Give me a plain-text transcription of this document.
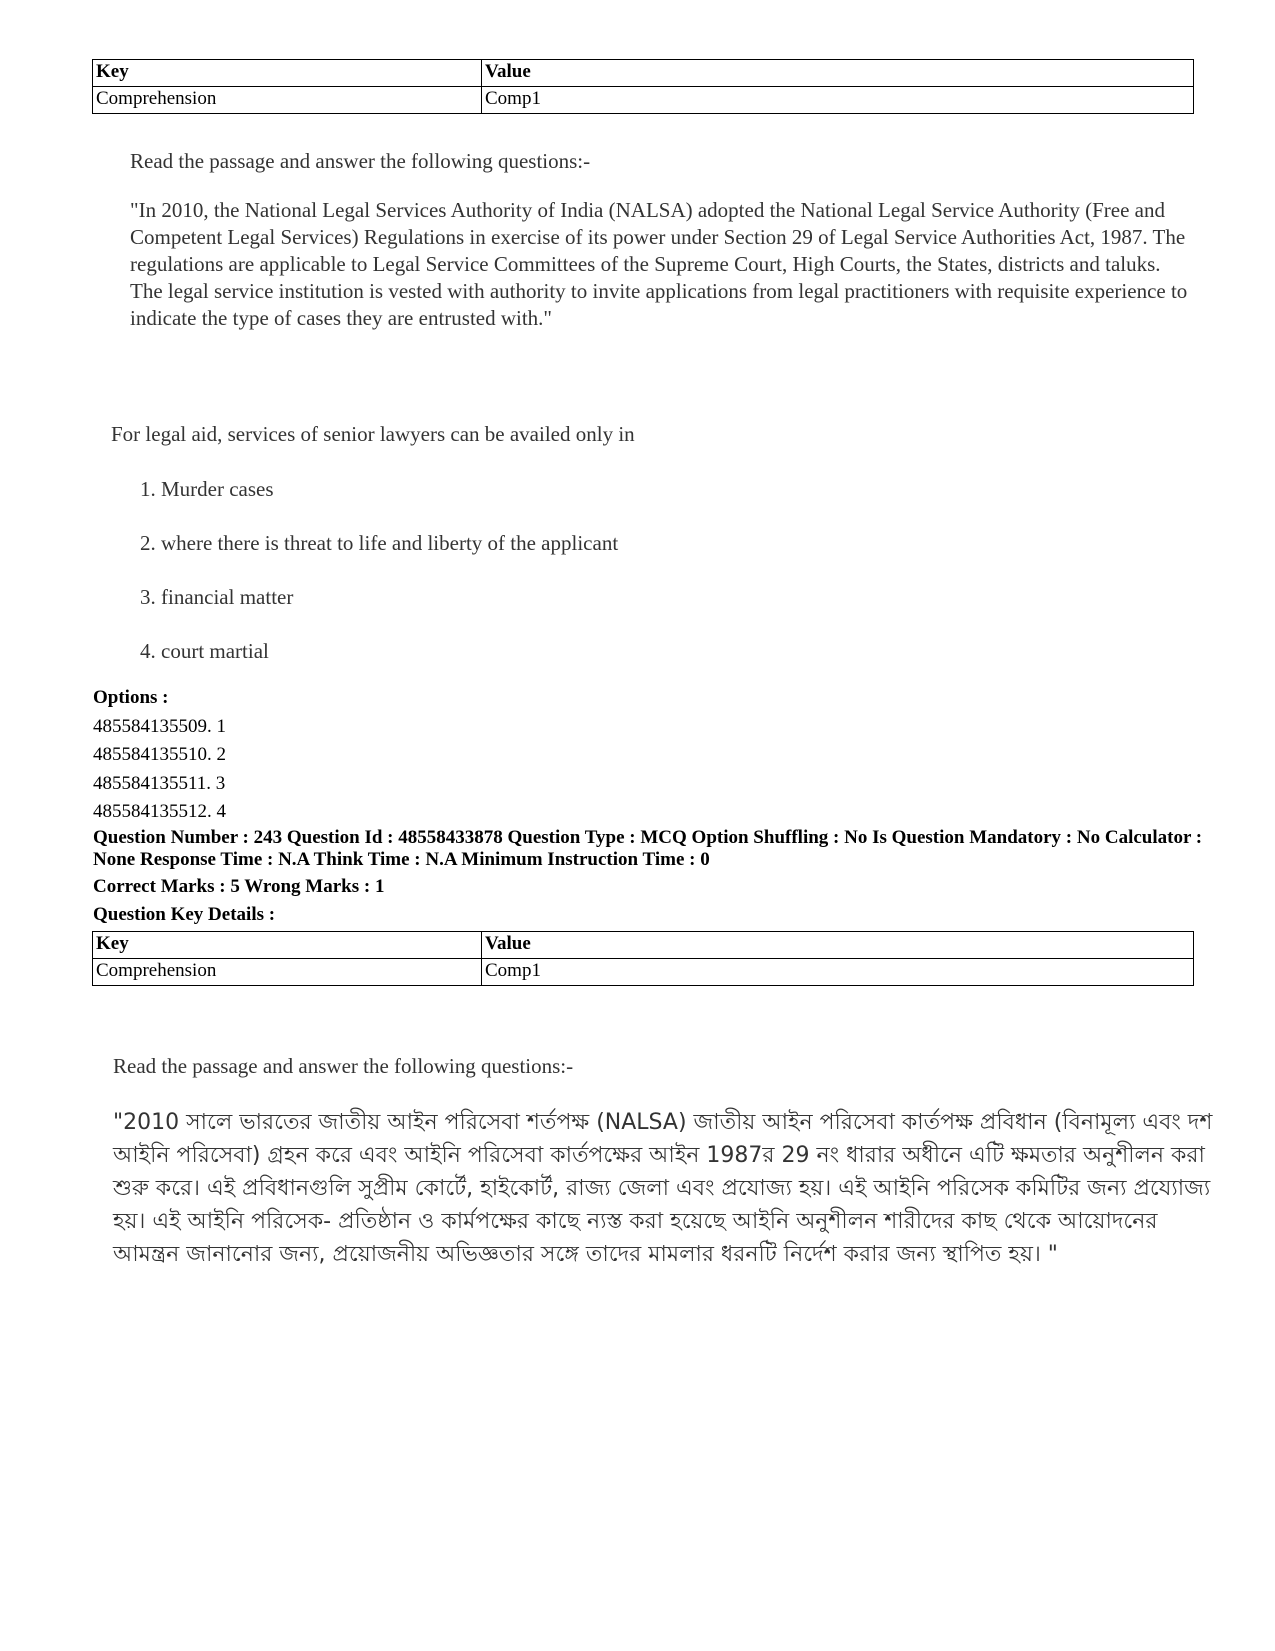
Key	Value
Comprehension	Comp1

Read the passage and answer the following questions:-

"In 2010, the National Legal Services Authority of India (NALSA) adopted the National Legal Service Authority (Free and Competent Legal Services) Regulations in exercise of its power under Section 29 of Legal Service Authorities Act, 1987. The regulations are applicable to Legal Service Committees of the Supreme Court, High Courts, the States, districts and taluks. The legal service institution is vested with authority to invite applications from legal practitioners with requisite experience to indicate the type of cases they are entrusted with."

For legal aid, services of senior lawyers can be availed only in

1. Murder cases
2. where there is threat to life and liberty of the applicant
3. financial matter
4. court martial
Options :
485584135509. 1
485584135510. 2
485584135511. 3
485584135512. 4
Question Number : 243 Question Id : 48558433878 Question Type : MCQ Option Shuffling : No Is Question Mandatory : No Calculator : None Response Time : N.A Think Time : N.A Minimum Instruction Time : 0
Correct Marks : 5 Wrong Marks : 1
Question Key Details :
Key	Value
Comprehension	Comp1

Read the passage and answer the following questions:-

"2010 সালে ভারতের জাতীয় আইন পরিসেবা শর্তপক্ষ (NALSA) জাতীয় আইন পরিসেবা কার্তপক্ষ প্রবিধান (বিনামূল্য এবং দশ আইনি পরিসেবা) গ্রহন করে এবং আইনি পরিসেবা কার্তপক্ষের আইন 1987র 29 নং ধারার অধীনে এটি ক্ষমতার অনুশীলন করা শুরু করে। এই প্রবিধানগুলি সুপ্রীম কোর্টে, হাইকোর্ট, রাজ্য জেলা এবং প্রযোজ্য হয়। এই আইনি পরিসেক কমিটির জন্য প্রয্যোজ্য হয়। এই আইনি পরিসেক- প্রতিষ্ঠান ও কার্মপক্ষের কাছে ন্যস্ত করা হয়েছে আইনি অনুশীলন শারীদের কাছ থেকে আয়োদনের আমন্ত্রন জানানোর জন্য, প্রয়োজনীয় অভিজ্ঞতার সঙ্গে তাদের মামলার ধরনটি নির্দেশ করার জন্য স্থাপিত হয়। "
